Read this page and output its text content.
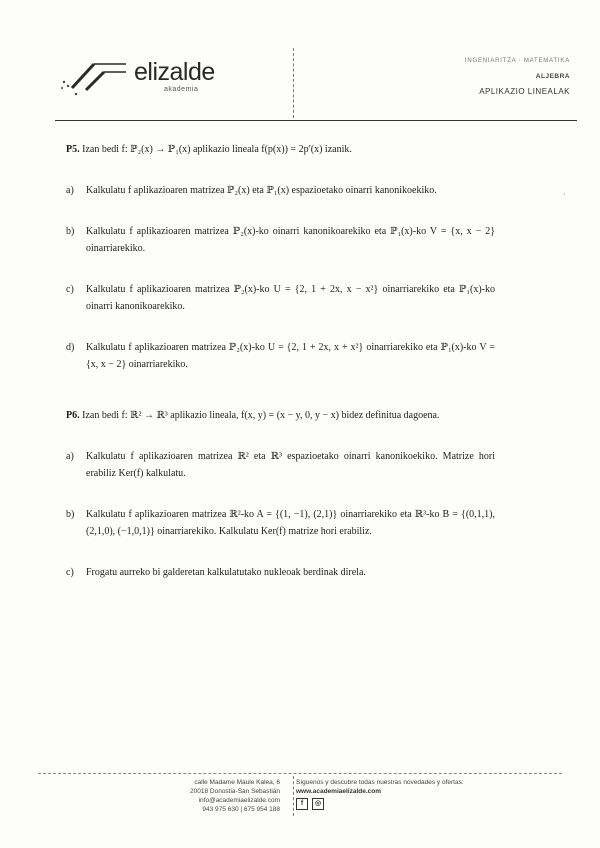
elizalde
akademia
INGENIARITZA · MATEMATIKA
ALJEBRA
APLIKAZIO LINEALAK
P5. Izan bedi f: ℙ₂(x) → ℙ₁(x) aplikazio lineala f(p(x)) = 2p′(x) izanik.
a) Kalkulatu f aplikazioaren matrizea ℙ₂(x) eta ℙ₁(x) espazioetako oinarri kanonikoekiko.
b) Kalkulatu f aplikazioaren matrizea ℙ₂(x)-ko oinarri kanonikoarekiko eta ℙ₁(x)-ko V = {x, x − 2} oinarriarekiko.
c) Kalkulatu f aplikazioaren matrizea ℙ₂(x)-ko U = {2, 1 + 2x, x − x²} oinarriarekiko eta ℙ₁(x)-ko oinarri kanonikoarekiko.
d) Kalkulatu f aplikazioaren matrizea ℙ₂(x)-ko U = {2, 1 + 2x, x + x²} oinarriarekiko eta ℙ₁(x)-ko V = {x, x − 2} oinarriarekiko.
P6. Izan bedi f: ℝ² → ℝ³ aplikazio lineala, f(x, y) = (x − y, 0, y − x) bidez definitua dagoena.
a) Kalkulatu f aplikazioaren matrizea ℝ² eta ℝ³ espazioetako oinarri kanonikoekiko. Matrize hori erabiliz Ker(f) kalkulatu.
b) Kalkulatu f aplikazioaren matrizea ℝ²-ko A = {(1, −1), (2,1)} oinarriarekiko eta ℝ³-ko B = {(0,1,1), (2,1,0), (−1,0,1)} oinarriarekiko. Kalkulatu Ker(f) matrize hori erabiliz.
c) Frogatu aurreko bi galderetan kalkulatutako nukleoak berdinak direla.
·
calle Madame Maule Kalea, 6
20018 Donostia-San Sebastián
info@academiaelizalde.com
943 975 630 | 675 954 188
Síguenos y descubre todas nuestras novedades y ofertas:
www.academiaelizalde.com
f	◎
